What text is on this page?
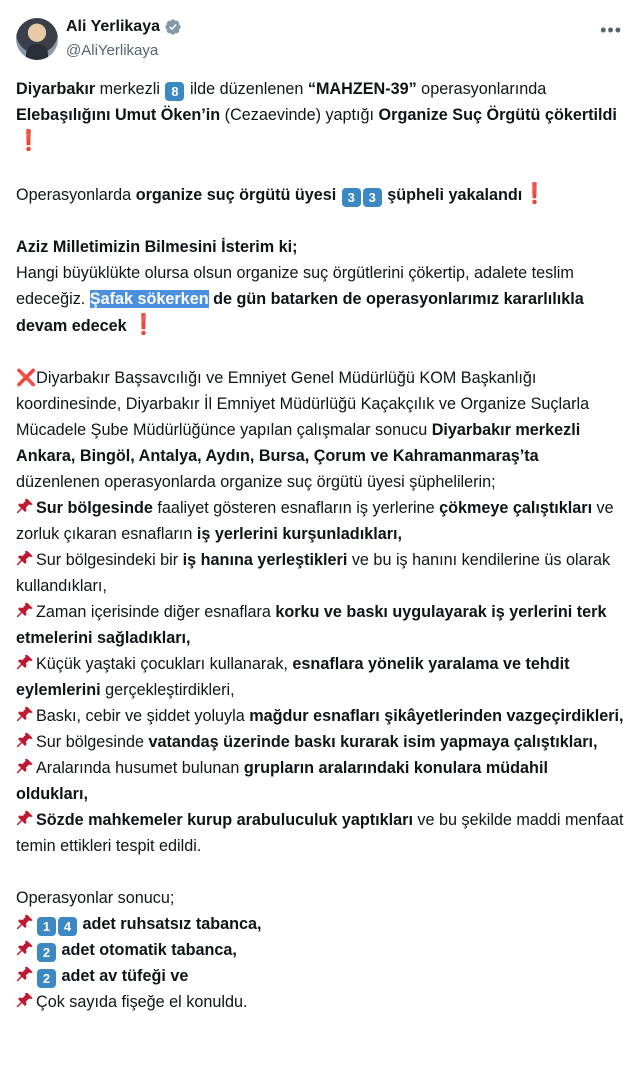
Ali Yerlikaya
@AliYerlikaya
•••

Diyarbakır merkezli 8 ilde düzenlenen “MAHZEN-39” operasyonlarında Elebaşılığını Umut Öken’in (Cezaevinde) yaptığı Organize Suç Örgütü çökertildi ❗

Operasyonlarda organize suç örgütü üyesi 3 3 şüpheli yakalandı❗

Aziz Milletimizin Bilmesini İsterim ki;
Hangi büyüklükte olursa olsun organize suç örgütlerini çökertip, adalete teslim edeceğiz. Şafak sökerken de gün batarken de operasyonlarımız kararlılıkla devam edecek ❗

❌Diyarbakır Başsavcılığı ve Emniyet Genel Müdürlüğü KOM Başkanlığı koordinesinde, Diyarbakır İl Emniyet Müdürlüğü Kaçakçılık ve Organize Suçlarla Mücadele Şube Müdürlüğünce yapılan çalışmalar sonucu Diyarbakır merkezli Ankara, Bingöl, Antalya, Aydın, Bursa, Çorum ve Kahramanmaraş’ta düzenlenen operasyonlarda organize suç örgütü üyesi şüphelilerin;

Sur bölgesinde faaliyet gösteren esnafların iş yerlerine çökmeye çalıştıkları ve zorluk çıkaran esnafların iş yerlerini kurşunladıkları,

Sur bölgesindeki bir iş hanına yerleştikleri ve bu iş hanını kendilerine üs olarak kullandıkları,

Zaman içerisinde diğer esnaflara korku ve baskı uygulayarak iş yerlerini terk etmelerini sağladıkları,

Küçük yaştaki çocukları kullanarak, esnaflara yönelik yaralama ve tehdit eylemlerini gerçekleştirdikleri,

Baskı, cebir ve şiddet yoluyla mağdur esnafları şikâyetlerinden vazgeçirdikleri,

Sur bölgesinde vatandaş üzerinde baskı kurarak isim yapmaya çalıştıkları,

Aralarında husumet bulunan grupların aralarındaki konulara müdahil oldukları,

Sözde mahkemeler kurup arabuluculuk yaptıkları ve bu şekilde maddi menfaat temin ettikleri tespit edildi.

Operasyonlar sonucu;

1 4 adet ruhsatsız tabanca,

2 adet otomatik tabanca,

2 adet av tüfeği ve

Çok sayıda fişeğe el konuldu.
